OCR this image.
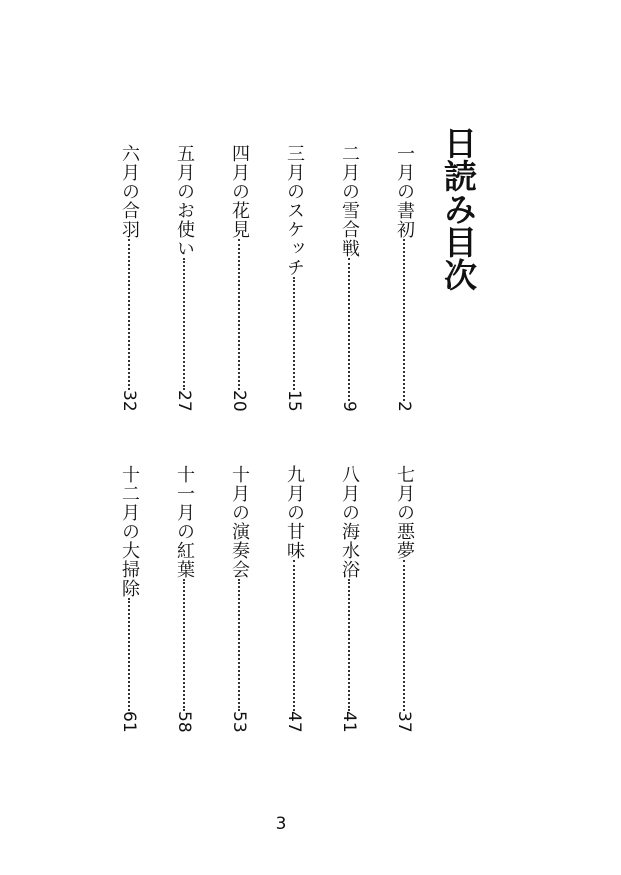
日読み目次
一月の書初
2
二月の雪合戦
9
三月のスケッチ
15
四月の花見
20
五月のお使い
27
六月の合羽
32
七月の悪夢
37
八月の海水浴
41
九月の甘味
47
十月の演奏会
53
十一月の紅葉
58
十二月の大掃除
61
3
